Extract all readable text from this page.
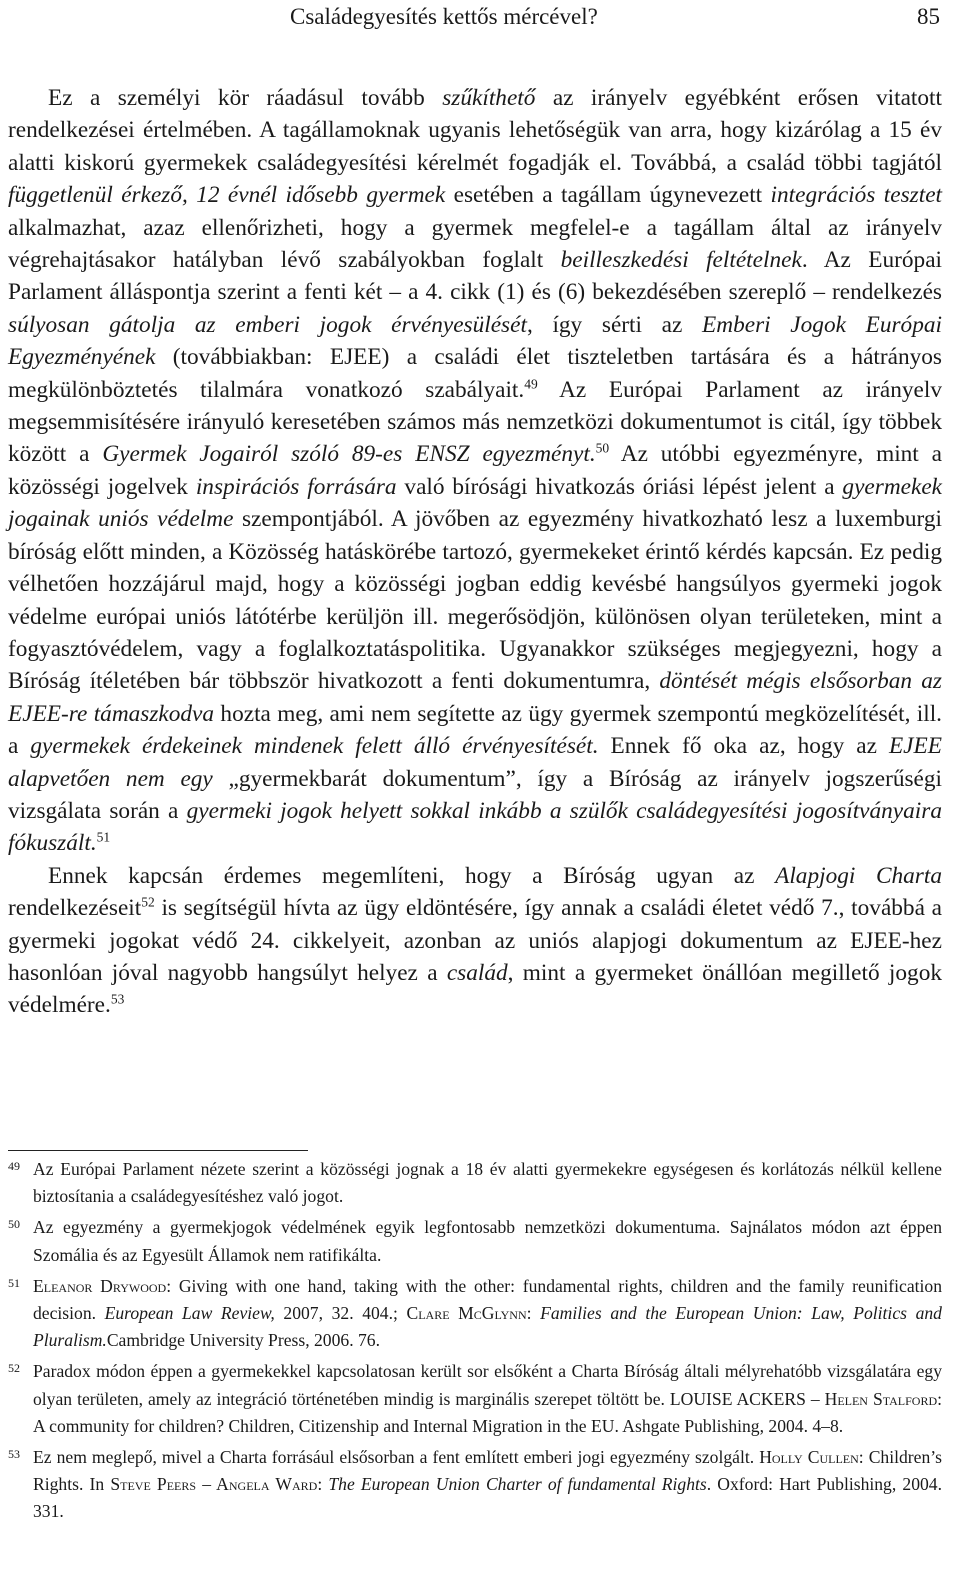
Családegyesítés kettős mércével?	85

Ez a személyi kör ráadásul tovább szűkíthető az irányelv egyébként erősen vitatott rendelkezései értelmében. A tagállamoknak ugyanis lehetőségük van arra, hogy kizárólag a 15 év alatti kiskorú gyermekek családegyesítési kérelmét fogadják el. Továbbá, a család többi tagjától függetlenül érkező, 12 évnél idősebb gyermek esetében a tagállam úgynevezett integrációs tesztet alkalmazhat, azaz ellenőrizheti, hogy a gyermek megfelel-e a tagállam által az irányelv végrehajtásakor hatályban lévő szabályokban foglalt beilleszkedési feltételnek. Az Európai Parlament álláspontja szerint a fenti két – a 4. cikk (1) és (6) bekezdésében szereplő – rendelkezés súlyosan gátolja az emberi jogok érvényesülését, így sérti az Emberi Jogok Európai Egyezményének (továbbiakban: EJEE) a családi élet tiszteletben tartására és a hátrányos megkülönböztetés tilalmára vonatkozó szabályait.$^{49}$ Az Európai Parlament az irányelv megsemmisítésére irányuló keresetében számos más nemzetközi dokumentumot is citál, így többek között a Gyermek Jogairól szóló 89-es ENSZ egyezményt.$^{50}$ Az utóbbi egyezményre, mint a közösségi jogelvek inspirációs forrására való bírósági hivatkozás óriási lépést jelent a gyermekek jogainak uniós védelme szempontjából. A jövőben az egyezmény hivatkozható lesz a luxemburgi bíróság előtt minden, a Közösség hatáskörébe tartozó, gyermekeket érintő kérdés kapcsán. Ez pedig vélhetően hozzájárul majd, hogy a közösségi jogban eddig kevésbé hangsúlyos gyermeki jogok védelme európai uniós látótérbe kerüljön ill. megerősödjön, különösen olyan területeken, mint a fogyasztóvédelem, vagy a foglalkoztatáspolitika. Ugyanakkor szükséges megjegyezni, hogy a Bíróság ítéletében bár többször hivatkozott a fenti dokumentumra, döntését mégis elsősorban az EJEE-re támaszkodva hozta meg, ami nem segítette az ügy gyermek szempontú megközelítését, ill. a gyermekek érdekeinek mindenek felett álló érvényesítését. Ennek fő oka az, hogy az EJEE alapvetően nem egy „gyermekbarát dokumentum”, így a Bíróság az irányelv jogszerűségi vizsgálata során a gyermeki jogok helyett sokkal inkább a szülők családegyesítési jogosítványaira fókuszált.$^{51}$

Ennek kapcsán érdemes megemlíteni, hogy a Bíróság ugyan az Alapjogi Charta rendelkezéseit$^{52}$ is segítségül hívta az ügy eldöntésére, így annak a családi életet védő 7., továbbá a gyermeki jogokat védő 24. cikkelyeit, azonban az uniós alapjogi dokumentum az EJEE-hez hasonlóan jóval nagyobb hangsúlyt helyez a család, mint a gyermeket önállóan megillető jogok védelmére.$^{53}$

49 Az Európai Parlament nézete szerint a közösségi jognak a 18 év alatti gyermekekre egységesen és korlátozás nélkül kellene biztosítania a családegyesítéshez való jogot.
50 Az egyezmény a gyermekjogok védelmének egyik legfontosabb nemzetközi dokumentuma. Sajnálatos módon azt éppen Szomália és az Egyesült Államok nem ratifikálta.
51 Eleanor Drywood: Giving with one hand, taking with the other: fundamental rights, children and the family reunification decision. European Law Review, 2007, 32. 404.; Clare McGlynn: Families and the European Union: Law, Politics and Pluralism.Cambridge University Press, 2006. 76.
52 Paradox módon éppen a gyermekekkel kapcsolatosan került sor elsőként a Charta Bíróság általi mélyrehatóbb vizsgálatára egy olyan területen, amely az integráció történetében mindig is marginális szerepet töltött be. LOUISE ACKERS – Helen Stalford: A community for children? Children, Citizenship and Internal Migration in the EU. Ashgate Publishing, 2004. 4–8.
53 Ez nem meglepő, mivel a Charta forrásául elsősorban a fent említett emberi jogi egyezmény szolgált. Holly Cullen: Children’s Rights. In Steve Peers – Angela Ward: The European Union Charter of fundamental Rights. Oxford: Hart Publishing, 2004. 331.
